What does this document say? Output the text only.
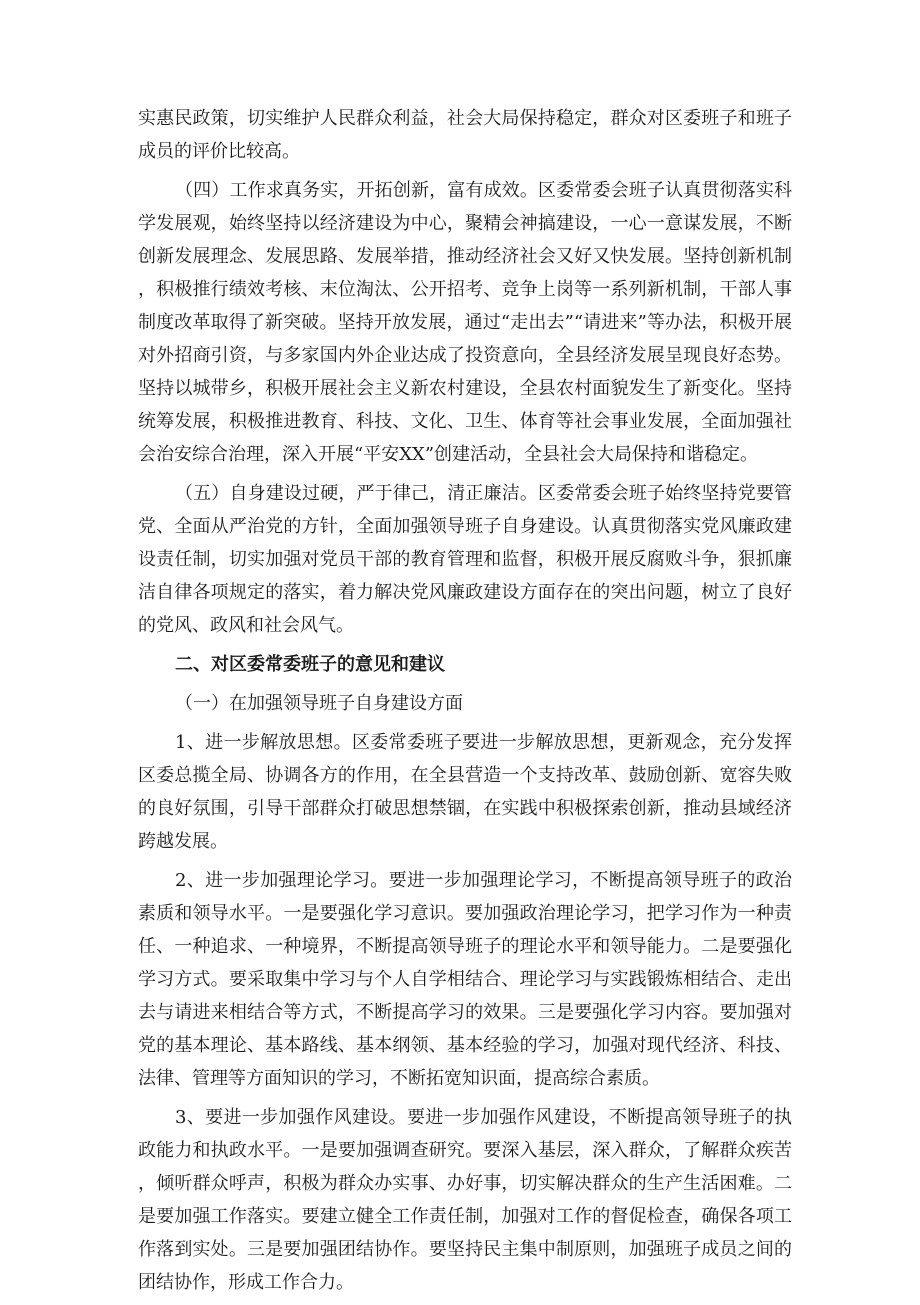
实惠民政策，切实维护人民群众利益，社会大局保持稳定，群众对区委班子和班子成员的评价比较高。

（四）工作求真务实，开拓创新，富有成效。区委常委会班子认真贯彻落实科学发展观，始终坚持以经济建设为中心，聚精会神搞建设，一心一意谋发展，不断创新发展理念、发展思路、发展举措，推动经济社会又好又快发展。坚持创新机制，积极推行绩效考核、末位淘汰、公开招考、竞争上岗等一系列新机制，干部人事制度改革取得了新突破。坚持开放发展，通过“走出去”“请进来”等办法，积极开展对外招商引资，与多家国内外企业达成了投资意向，全县经济发展呈现良好态势。坚持以城带乡，积极开展社会主义新农村建设，全县农村面貌发生了新变化。坚持统筹发展，积极推进教育、科技、文化、卫生、体育等社会事业发展，全面加强社会治安综合治理，深入开展“平安XX”创建活动，全县社会大局保持和谐稳定。

（五）自身建设过硬，严于律己，清正廉洁。区委常委会班子始终坚持党要管党、全面从严治党的方针，全面加强领导班子自身建设。认真贯彻落实党风廉政建设责任制，切实加强对党员干部的教育管理和监督，积极开展反腐败斗争，狠抓廉洁自律各项规定的落实，着力解决党风廉政建设方面存在的突出问题，树立了良好的党风、政风和社会风气。

二、对区委常委班子的意见和建议

（一）在加强领导班子自身建设方面

1、进一步解放思想。区委常委班子要进一步解放思想，更新观念，充分发挥区委总揽全局、协调各方的作用，在全县营造一个支持改革、鼓励创新、宽容失败的良好氛围，引导干部群众打破思想禁锢，在实践中积极探索创新，推动县域经济跨越发展。

2、进一步加强理论学习。要进一步加强理论学习，不断提高领导班子的政治素质和领导水平。一是要强化学习意识。要加强政治理论学习，把学习作为一种责任、一种追求、一种境界，不断提高领导班子的理论水平和领导能力。二是要强化学习方式。要采取集中学习与个人自学相结合、理论学习与实践锻炼相结合、走出去与请进来相结合等方式，不断提高学习的效果。三是要强化学习内容。要加强对党的基本理论、基本路线、基本纲领、基本经验的学习，加强对现代经济、科技、法律、管理等方面知识的学习，不断拓宽知识面，提高综合素质。

3、要进一步加强作风建设。要进一步加强作风建设，不断提高领导班子的执政能力和执政水平。一是要加强调查研究。要深入基层，深入群众，了解群众疾苦，倾听群众呼声，积极为群众办实事、办好事，切实解决群众的生产生活困难。二是要加强工作落实。要建立健全工作责任制，加强对工作的督促检查，确保各项工作落到实处。三是要加强团结协作。要坚持民主集中制原则，加强班子成员之间的团结协作，形成工作合力。
